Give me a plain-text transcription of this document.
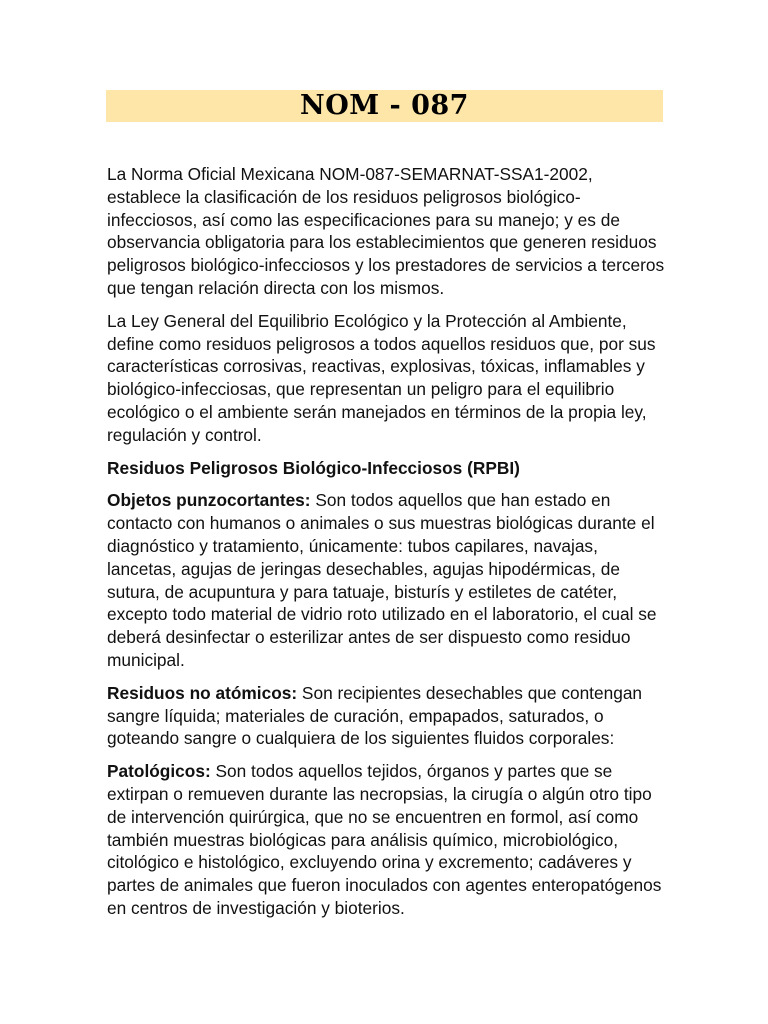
NOM - 087

La Norma Oficial Mexicana NOM-087-SEMARNAT-SSA1-2002, establece la clasificación de los residuos peligrosos biológico-infecciosos, así como las especificaciones para su manejo; y es de observancia obligatoria para los establecimientos que generen residuos peligrosos biológico-infecciosos y los prestadores de servicios a terceros que tengan relación directa con los mismos.

La Ley General del Equilibrio Ecológico y la Protección al Ambiente, define como residuos peligrosos a todos aquellos residuos que, por sus características corrosivas, reactivas, explosivas, tóxicas, inflamables y biológico-infecciosas, que representan un peligro para el equilibrio ecológico o el ambiente serán manejados en términos de la propia ley, regulación y control.

Residuos Peligrosos Biológico-Infecciosos (RPBI)

Objetos punzocortantes: Son todos aquellos que han estado en contacto con humanos o animales o sus muestras biológicas durante el diagnóstico y tratamiento, únicamente: tubos capilares, navajas, lancetas, agujas de jeringas desechables, agujas hipodérmicas, de sutura, de acupuntura y para tatuaje, bisturís y estiletes de catéter, excepto todo material de vidrio roto utilizado en el laboratorio, el cual se deberá desinfectar o esterilizar antes de ser dispuesto como residuo municipal.

Residuos no atómicos: Son recipientes desechables que contengan sangre líquida; materiales de curación, empapados, saturados, o goteando sangre o cualquiera de los siguientes fluidos corporales:

Patológicos: Son todos aquellos tejidos, órganos y partes que se extirpan o remueven durante las necropsias, la cirugía o algún otro tipo de intervención quirúrgica, que no se encuentren en formol, así como también muestras biológicas para análisis químico, microbiológico, citológico e histológico, excluyendo orina y excremento; cadáveres y partes de animales que fueron inoculados con agentes enteropatógenos en centros de investigación y bioterios.
